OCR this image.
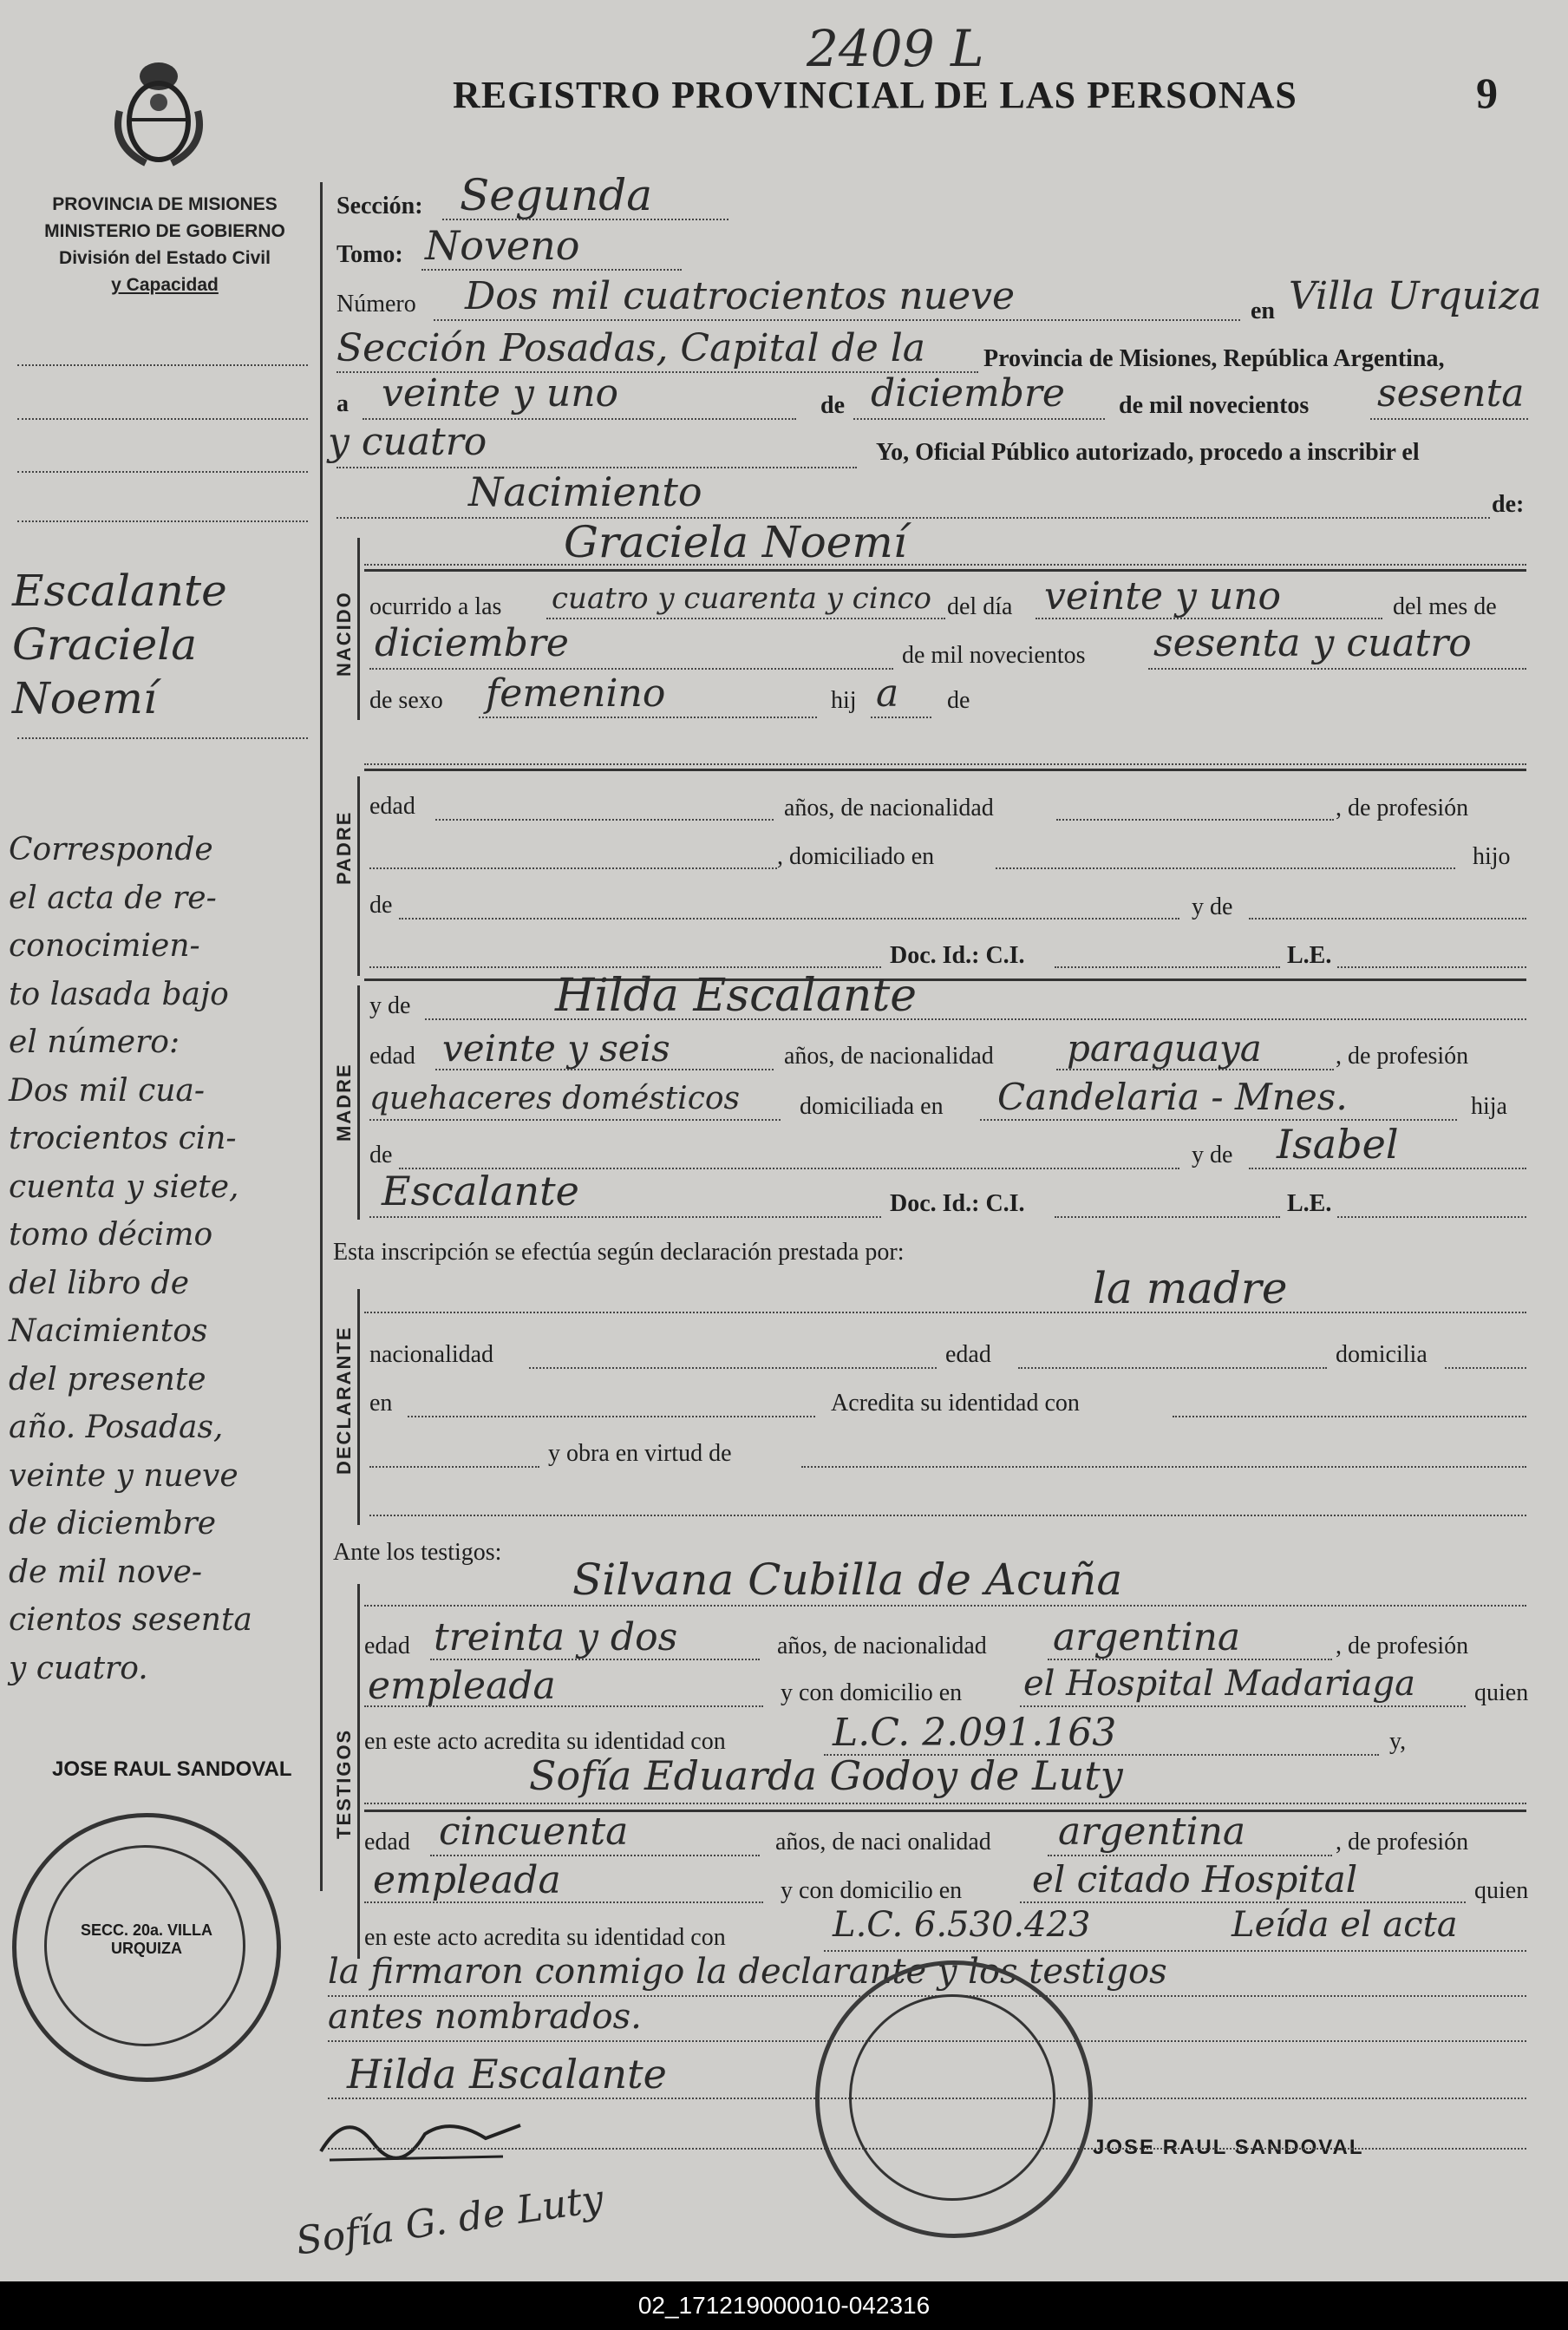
2409 L
REGISTRO PROVINCIAL DE LAS PERSONAS	9
PROVINCIA DE MISIONES
MINISTERIO DE GOBIERNO
División del Estado Civil
y Capacidad
Escalante
Graciela
Noemí
Corresponde
el acta de re-
conocimien-
to lasada bajo
el número:
Dos mil cua-
trocientos cin-
cuenta y siete,
tomo décimo
del libro de
Nacimientos
del presente
año. Posadas,
veinte y nueve
de diciembre
de mil nove-
cientos sesenta
y cuatro.
JOSE RAUL SANDOVAL
SECC. 20a. VILLA URQUIZA
Sección: Segunda
Tomo: Noveno
Número Dos mil cuatrocientos nueve	en Villa Urquiza
Sección Posadas, Capital de la Provincia de Misiones, República Argentina,
a veinte y uno	de diciembre de mil novecientos sesenta
y cuatro	Yo, Oficial Público autorizado, procedo a inscribir el
Nacimiento	de:
NACIDO
Graciela Noemí
ocurrido a las cuatro y cuarenta y cinco del día veinte y uno	del mes de
diciembre	de mil novecientos sesenta y cuatro
de sexo femenino	hij a de
PADRE
edad	años, de nacionalidad	, de profesión
, domiciliado en	hijo
de	y de
Doc. Id.: C.I.	L.E.
MADRE
y de	Hilda Escalante
edad veinte y seis	años, de nacionalidad paraguaya	, de profesión
quehaceres domésticos domiciliada en Candelaria - Mnes.	hija
de	y de Isabel
Escalante	Doc. Id.: C.I.	L.E.
Esta inscripción se efectúa según declaración prestada por:
la madre
DECLARANTE nacionalidad	edad	domicilia
en	Acredita su identidad con
y obra en virtud de
Ante los testigos:
Silvana Cubilla de Acuña
TESTIGOS
edad treinta y dos	años, de nacionalidad argentina	, de profesión
empleada	y con domicilio en el Hospital Madariaga quien
en este acto acredita su identidad con	L.C. 2.091.163	y,
Sofía Eduarda Godoy de Luty
edad cincuenta	años, de naci onalidad argentina	, de profesión
empleada	y con domicilio en el citado Hospital	quien
en este acto acredita su identidad con	L.C. 6.530.423	Leída el acta
la firmaron conmigo la declarante y los testigos
antes nombrados.
Hilda Escalante
JOSE RAUL SANDOVAL
Sofía G. de Luty
02_171219000010-042316
